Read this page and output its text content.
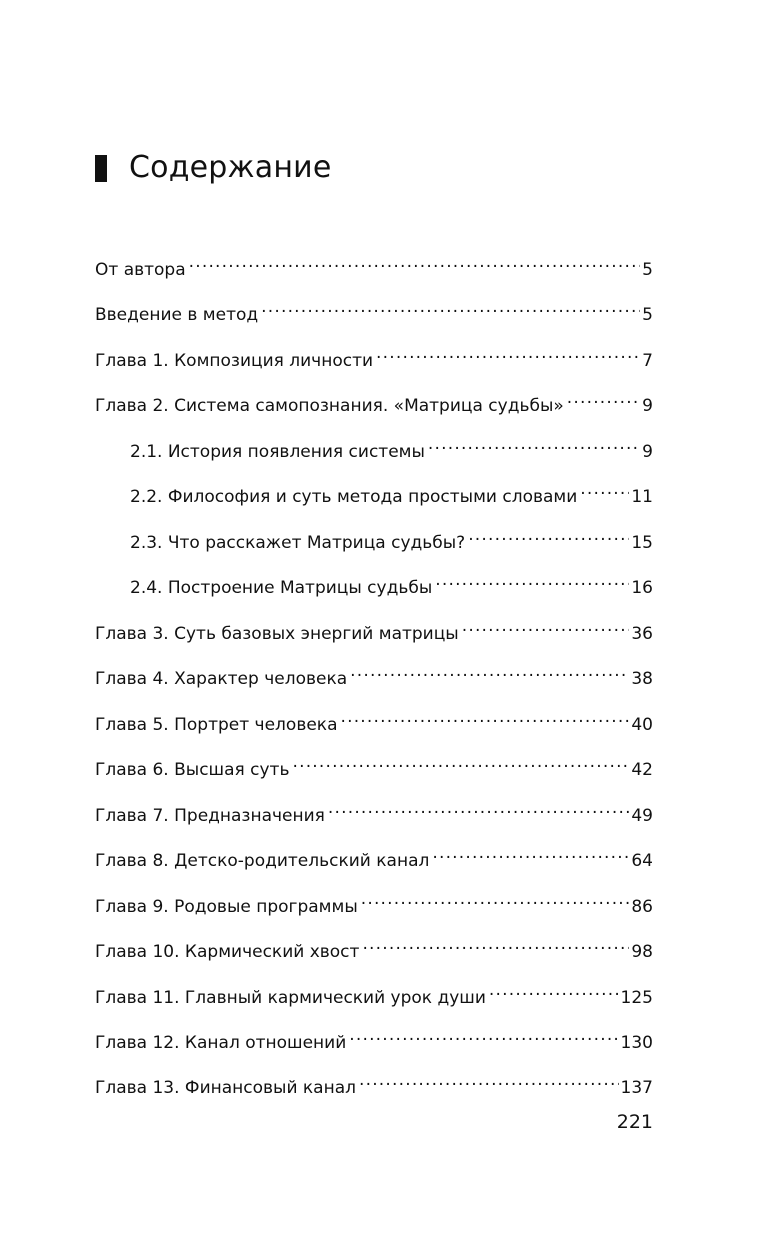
Содержание
От автора .....	5
Введение в метод .....	5
Глава 1. Композиция личности .....	7
Глава 2. Система самопознания. «Матрица судьбы» .....	9
2.1. История появления системы .....	9
2.2. Философия и суть метода простыми словами .....	11
2.3. Что расскажет Матрица судьбы? .....	15
2.4. Построение Матрицы судьбы .....	16
Глава 3. Суть базовых энергий матрицы .....	36
Глава 4. Характер человека .....	38
Глава 5. Портрет человека .....	40
Глава 6. Высшая суть .....	42
Глава 7. Предназначения .....	49
Глава 8. Детско-родительский канал .....	64
Глава 9. Родовые программы .....	86
Глава 10. Кармический хвост .....	98
Глава 11. Главный кармический урок души .....	125
Глава 12. Канал отношений .....	130
Глава 13. Финансовый канал .....	137
221
